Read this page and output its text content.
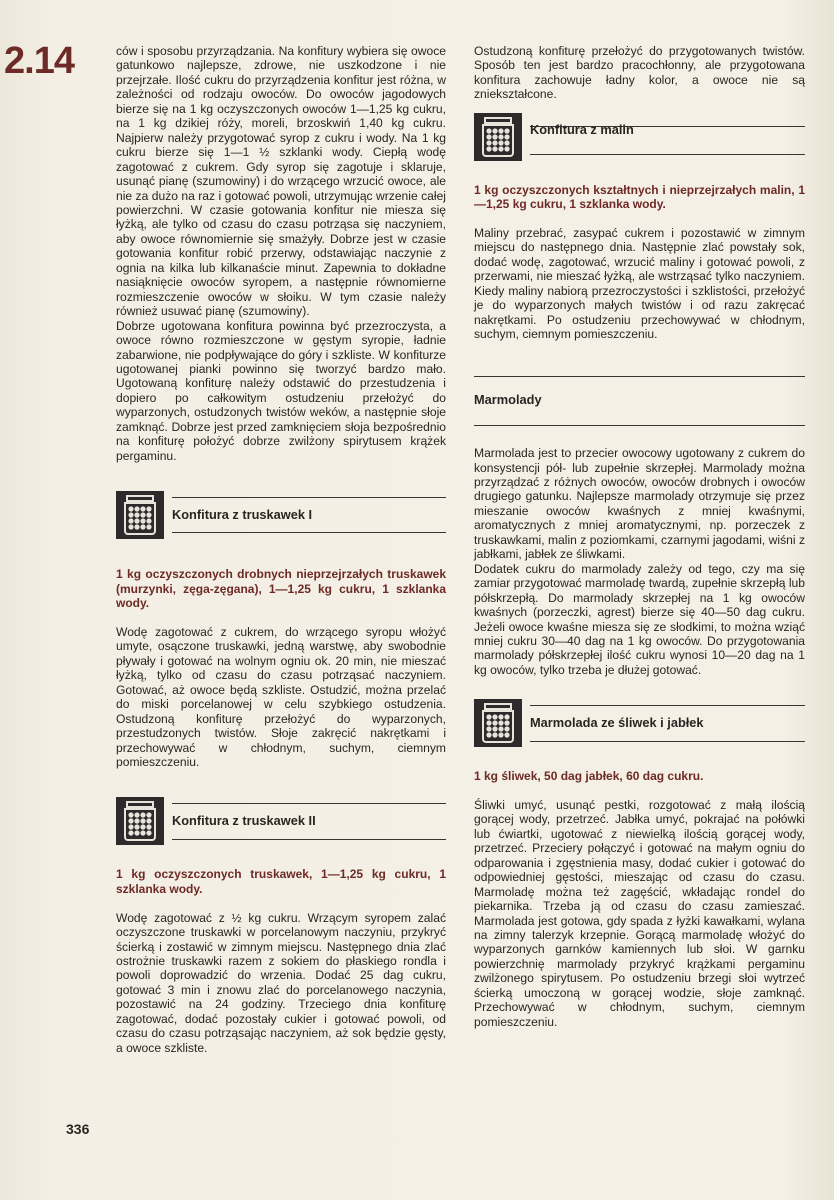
2.14
336

ców i sposobu przyrządzania. Na konfitury wybiera się owoce gatunkowo najlepsze, zdrowe, nie uszkodzone i nie przejrzałe. Ilość cukru do przyrządzenia konfitur jest różna, w zależności od rodzaju owoców. Do owoców jagodowych bierze się na 1 kg oczyszczonych owoców 1—1,25 kg cukru, na 1 kg dzikiej róży, moreli, brzoskwiń 1,40 kg cukru. Najpierw należy przygotować syrop z cukru i wody. Na 1 kg cukru bierze się 1—1 ½ szklanki wody. Ciepłą wodę zagotować z cukrem. Gdy syrop się zagotuje i sklaruje, usunąć pianę (szumowiny) i do wrzącego wrzucić owoce, ale nie za dużo na raz i gotować powoli, utrzymując wrzenie całej powierzchni. W czasie gotowania konfitur nie miesza się łyżką, ale tylko od czasu do czasu potrząsa się naczyniem, aby owoce równomiernie się smażyły. Dobrze jest w czasie gotowania konfitur robić przerwy, odstawiając naczynie z ognia na kilka lub kilkanaście minut. Zapewnia to dokładne nasiąknięcie owoców syropem, a następnie równomierne rozmieszczenie owoców w słoiku. W tym czasie należy również usuwać pianę (szumowiny).

Dobrze ugotowana konfitura powinna być przezroczysta, a owoce równo rozmieszczone w gęstym syropie, ładnie zabarwione, nie podpływające do góry i szkliste. W konfiturze ugotowanej pianki powinno się tworzyć bardzo mało. Ugotowaną konfiturę należy odstawić do przestudzenia i dopiero po całkowitym ostudzeniu przełożyć do wyparzonych, ostudzonych twistów weków, a następnie słoje zamknąć. Dobrze jest przed zamknięciem słoja bezpośrednio na konfiturę położyć dobrze zwilżony spirytusem krążek pergaminu.

Konfitura z truskawek I

1 kg oczyszczonych drobnych nieprzejrzałych truskawek (murzynki, zęga-zęgana), 1—1,25 kg cukru, 1 szklanka wody.

Wodę zagotować z cukrem, do wrzącego syropu włożyć umyte, osączone truskawki, jedną warstwę, aby swobodnie pływały i gotować na wolnym ogniu ok. 20 min, nie mieszać łyżką, tylko od czasu do czasu potrząsać naczyniem. Gotować, aż owoce będą szkliste. Ostudzić, można przelać do miski porcelanowej w celu szybkiego ostudzenia. Ostudzoną konfiturę przełożyć do wyparzonych, przestudzonych twistów. Słoje zakręcić nakrętkami i przechowywać w chłodnym, suchym, ciemnym pomieszczeniu.

Konfitura z truskawek II

1 kg oczyszczonych truskawek, 1—1,25 kg cukru, 1 szklanka wody.

Wodę zagotować z ½ kg cukru. Wrzącym syropem zalać oczyszczone truskawki w porcelanowym naczyniu, przykryć ścierką i zostawić w zimnym miejscu. Następnego dnia zlać ostrożnie truskawki razem z sokiem do płaskiego rondla i powoli doprowadzić do wrzenia. Dodać 25 dag cukru, gotować 3 min i znowu zlać do porcelanowego naczynia, pozostawić na 24 godziny. Trzeciego dnia konfiturę zagotować, dodać pozostały cukier i gotować powoli, od czasu do czasu potrząsając naczyniem, aż sok będzie gęsty, a owoce szkliste.

Ostudzoną konfiturę przełożyć do przygotowanych twistów. Sposób ten jest bardzo pracochłonny, ale przygotowana konfitura zachowuje ładny kolor, a owoce nie są zniekształcone.

Konfitura z malin

1 kg oczyszczonych kształtnych i nieprzejrzałych malin, 1—1,25 kg cukru, 1 szklanka wody.

Maliny przebrać, zasypać cukrem i pozostawić w zimnym miejscu do następnego dnia. Następnie zlać powstały sok, dodać wodę, zagotować, wrzucić maliny i gotować powoli, z przerwami, nie mieszać łyżką, ale wstrząsać tylko naczyniem. Kiedy maliny nabiorą przezroczystości i szklistości, przełożyć je do wyparzonych małych twistów i od razu zakręcać nakrętkami. Po ostudzeniu przechowywać w chłodnym, suchym, ciemnym pomieszczeniu.

Marmolady

Marmolada jest to przecier owocowy ugotowany z cukrem do konsystencji pół- lub zupełnie skrzepłej. Marmolady można przyrządzać z różnych owoców, owoców drobnych i owoców drugiego gatunku. Najlepsze marmolady otrzymuje się przez mieszanie owoców kwaśnych z mniej kwaśnymi, aromatycznych z mniej aromatycznymi, np. porzeczek z truskawkami, malin z poziomkami, czarnymi jagodami, wiśni z jabłkami, jabłek ze śliwkami.

Dodatek cukru do marmolady zależy od tego, czy ma się zamiar przygotować marmoladę twardą, zupełnie skrzepłą lub półskrzepłą. Do marmolady skrzepłej na 1 kg owoców kwaśnych (porzeczki, agrest) bierze się 40—50 dag cukru. Jeżeli owoce kwaśne miesza się ze słodkimi, to można wziąć mniej cukru 30—40 dag na 1 kg owoców. Do przygotowania marmolady półskrzepłej ilość cukru wynosi 10—20 dag na 1 kg owoców, tylko trzeba je dłużej gotować.

Marmolada ze śliwek i jabłek

1 kg śliwek, 50 dag jabłek, 60 dag cukru.

Śliwki umyć, usunąć pestki, rozgotować z małą ilością gorącej wody, przetrzeć. Jabłka umyć, pokrajać na połówki lub ćwiartki, ugotować z niewielką ilością gorącej wody, przetrzeć. Przeciery połączyć i gotować na małym ogniu do odparowania i zgęstnienia masy, dodać cukier i gotować do odpowiedniej gęstości, mieszając od czasu do czasu. Marmoladę można też zagęścić, wkładając rondel do piekarnika. Trzeba ją od czasu do czasu zamieszać. Marmolada jest gotowa, gdy spada z łyżki kawałkami, wylana na zimny talerzyk krzepnie. Gorącą marmoladę włożyć do wyparzonych garnków kamiennych lub słoi. W garnku powierzchnię marmolady przykryć krążkami pergaminu zwilżonego spirytusem. Po ostudzeniu brzegi słoi wytrzeć ścierką umoczoną w gorącej wodzie, słoje zamknąć. Przechowywać w chłodnym, suchym, ciemnym pomieszczeniu.
